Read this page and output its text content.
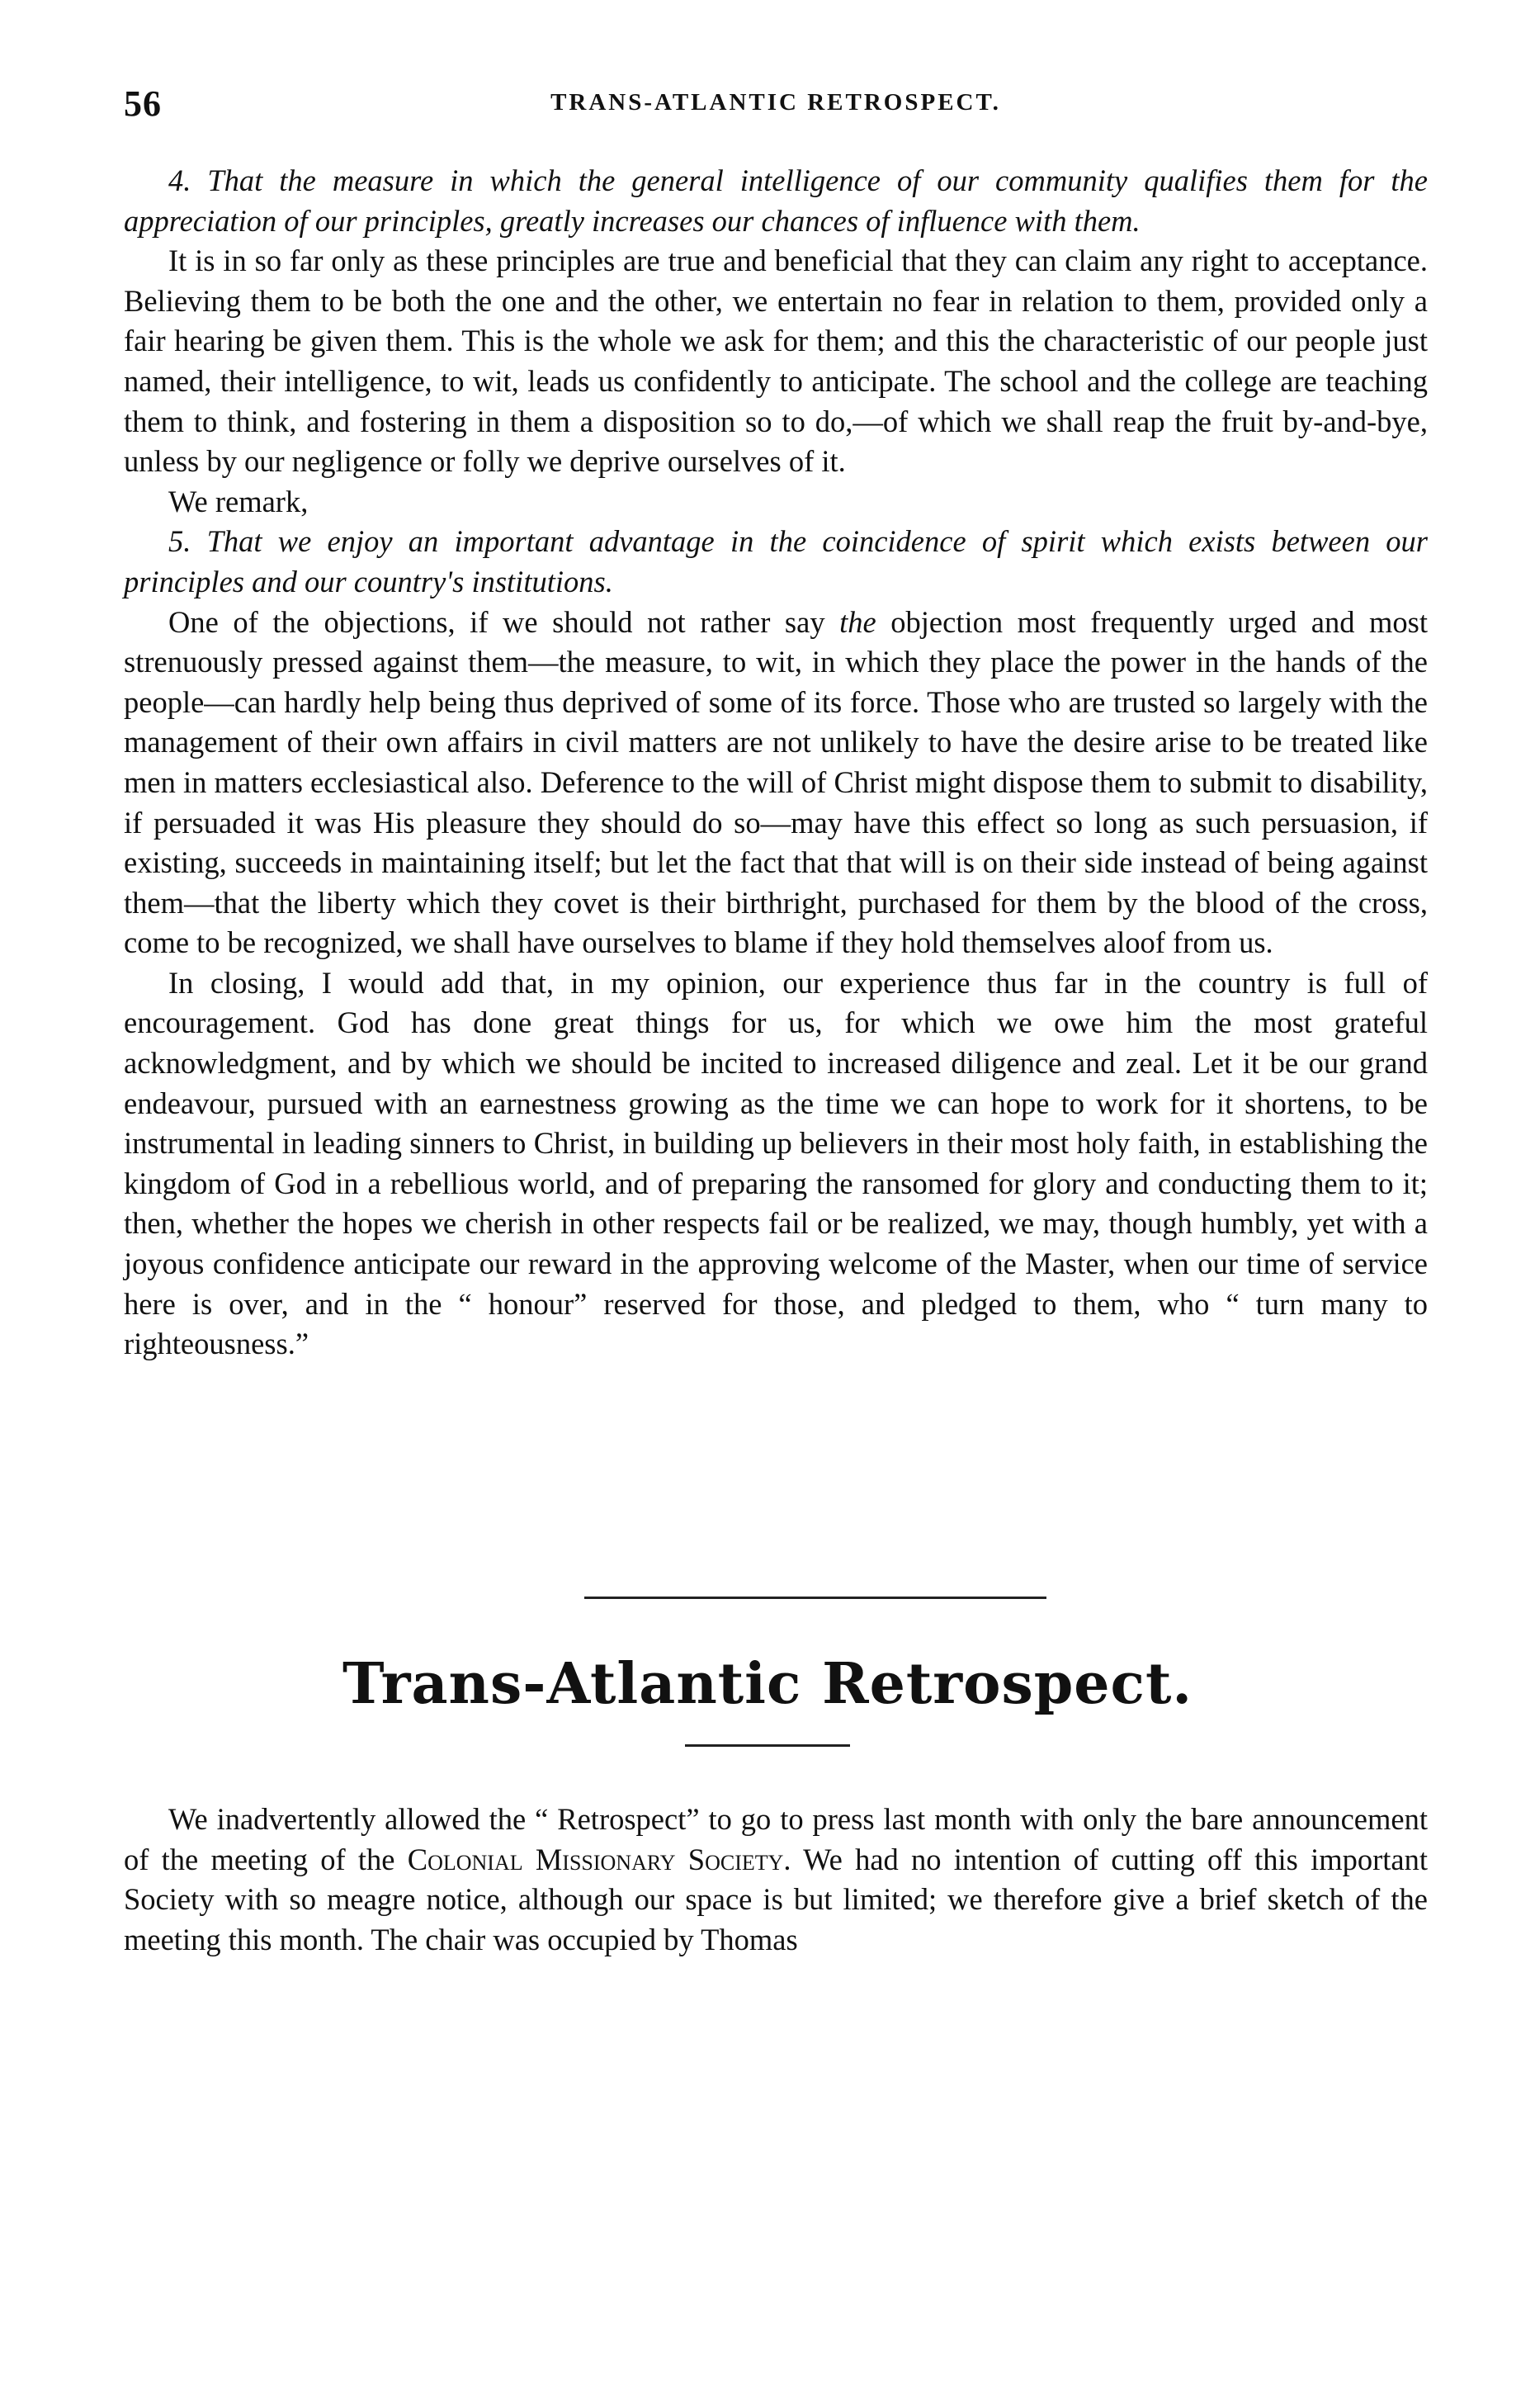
56	TRANS-ATLANTIC RETROSPECT.

4. That the measure in which the general intelligence of our community qualifies them for the appreciation of our principles, greatly increases our chances of influence with them.

It is in so far only as these principles are true and beneficial that they can claim any right to acceptance. Believing them to be both the one and the other, we entertain no fear in relation to them, provided only a fair hearing be given them. This is the whole we ask for them; and this the characteristic of our people just named, their intelligence, to wit, leads us confidently to anticipate. The school and the college are teaching them to think, and fostering in them a disposition so to do,—of which we shall reap the fruit by-and-bye, unless by our negligence or folly we deprive ourselves of it.

We remark,

5. That we enjoy an important advantage in the coincidence of spirit which exists between our principles and our country's institutions.

One of the objections, if we should not rather say the objection most frequently urged and most strenuously pressed against them—the measure, to wit, in which they place the power in the hands of the people—can hardly help being thus deprived of some of its force. Those who are trusted so largely with the management of their own affairs in civil matters are not unlikely to have the desire arise to be treated like men in matters ecclesiastical also. Deference to the will of Christ might dispose them to submit to disability, if persuaded it was His pleasure they should do so—may have this effect so long as such persuasion, if existing, succeeds in maintaining itself; but let the fact that that will is on their side instead of being against them—that the liberty which they covet is their birthright, purchased for them by the blood of the cross, come to be recognized, we shall have ourselves to blame if they hold themselves aloof from us.

In closing, I would add that, in my opinion, our experience thus far in the country is full of encouragement. God has done great things for us, for which we owe him the most grateful acknowledgment, and by which we should be incited to increased diligence and zeal. Let it be our grand endeavour, pursued with an earnestness growing as the time we can hope to work for it shortens, to be instrumental in leading sinners to Christ, in building up believers in their most holy faith, in establishing the kingdom of God in a rebellious world, and of preparing the ransomed for glory and conducting them to it; then, whether the hopes we cherish in other respects fail or be realized, we may, though humbly, yet with a joyous confidence anticipate our reward in the approving welcome of the Master, when our time of service here is over, and in the “ honour” reserved for those, and pledged to them, who “ turn many to righteousness.”

Trans-Atlantic Retrospect.

We inadvertently allowed the “ Retrospect” to go to press last month with only the bare announcement of the meeting of the Colonial Missionary Society. We had no intention of cutting off this important Society with so meagre notice, although our space is but limited; we therefore give a brief sketch of the meeting this month. The chair was occupied by Thomas
